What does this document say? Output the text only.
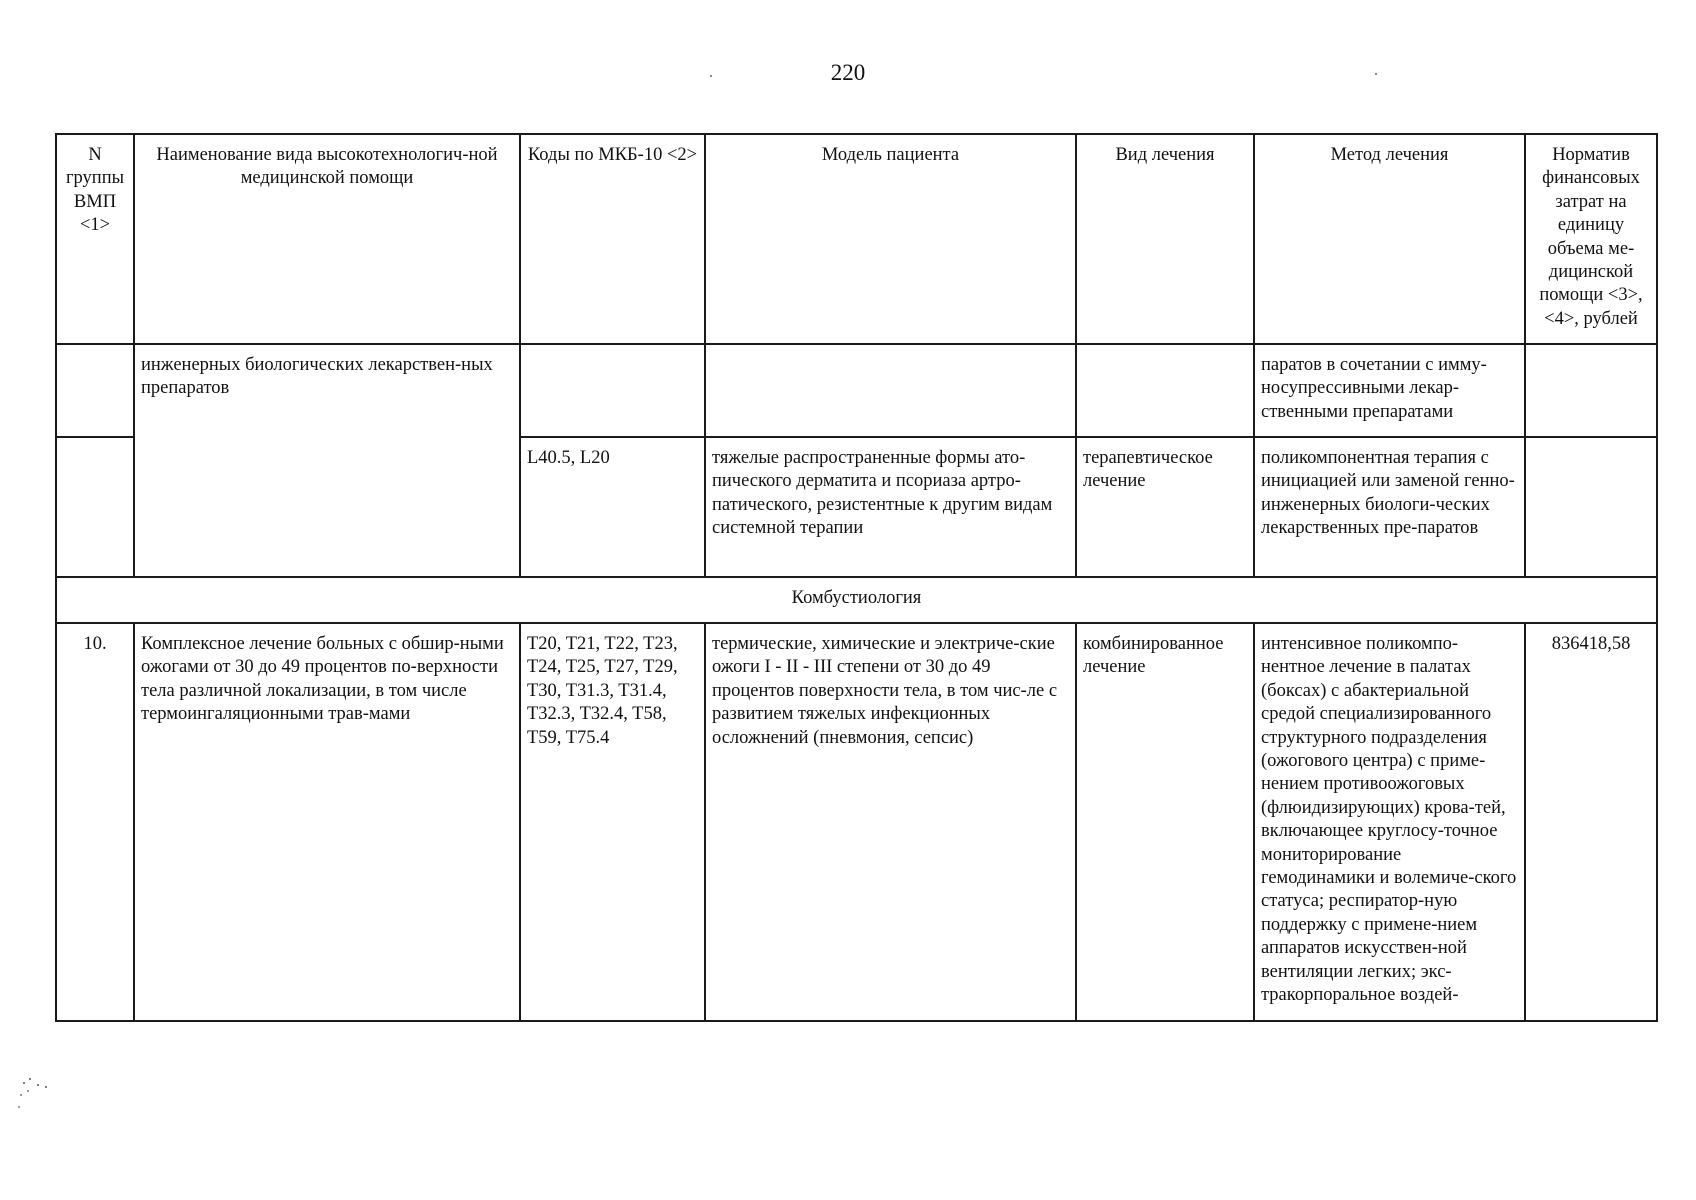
220
N группы ВМП <1>	Наименование вида высокотехнологич-ной медицинской помощи	Коды по МКБ-10 <2>	Модель пациента	Вид лечения	Метод лечения	Норматив финансовых затрат на единицу объема ме-дицинской помощи <3>, <4>, рублей
	инженерных биологических лекарствен-ных препаратов				паратов в сочетании с имму-носупрессивными лекар-ственными препаратами	
		L40.5, L20	тяжелые распространенные формы ато-пического дерматита и псориаза артро-патического, резистентные к другим видам системной терапии	терапевтическое лечение	поликомпонентная терапия с инициацией или заменой генно-инженерных биологи-ческих лекарственных пре-паратов	
Комбустиология						
10.	Комплексное лечение больных с обшир-ными ожогами от 30 до 49 процентов по-верхности тела различной локализации, в том числе термоингаляционными трав-мами	T20, T21, T22, T23, T24, T25, T27, T29, T30, T31.3, T31.4, T32.3, T32.4, T58, T59, T75.4	термические, химические и электриче-ские ожоги I - II - III степени от 30 до 49 процентов поверхности тела, в том чис-ле с развитием тяжелых инфекционных осложнений (пневмония, сепсис)	комбинированное лечение	интенсивное поликомпо-нентное лечение в палатах (боксах) с абактериальной средой специализированного структурного подразделения (ожогового центра) с приме-нением противоожоговых (флюидизирующих) крова-тей, включающее круглосу-точное мониторирование гемодинамики и волемиче-ского статуса; респиратор-ную поддержку с примене-нием аппаратов искусствен-ной вентиляции легких; экс-тракорпоральное воздей-	836418,58
